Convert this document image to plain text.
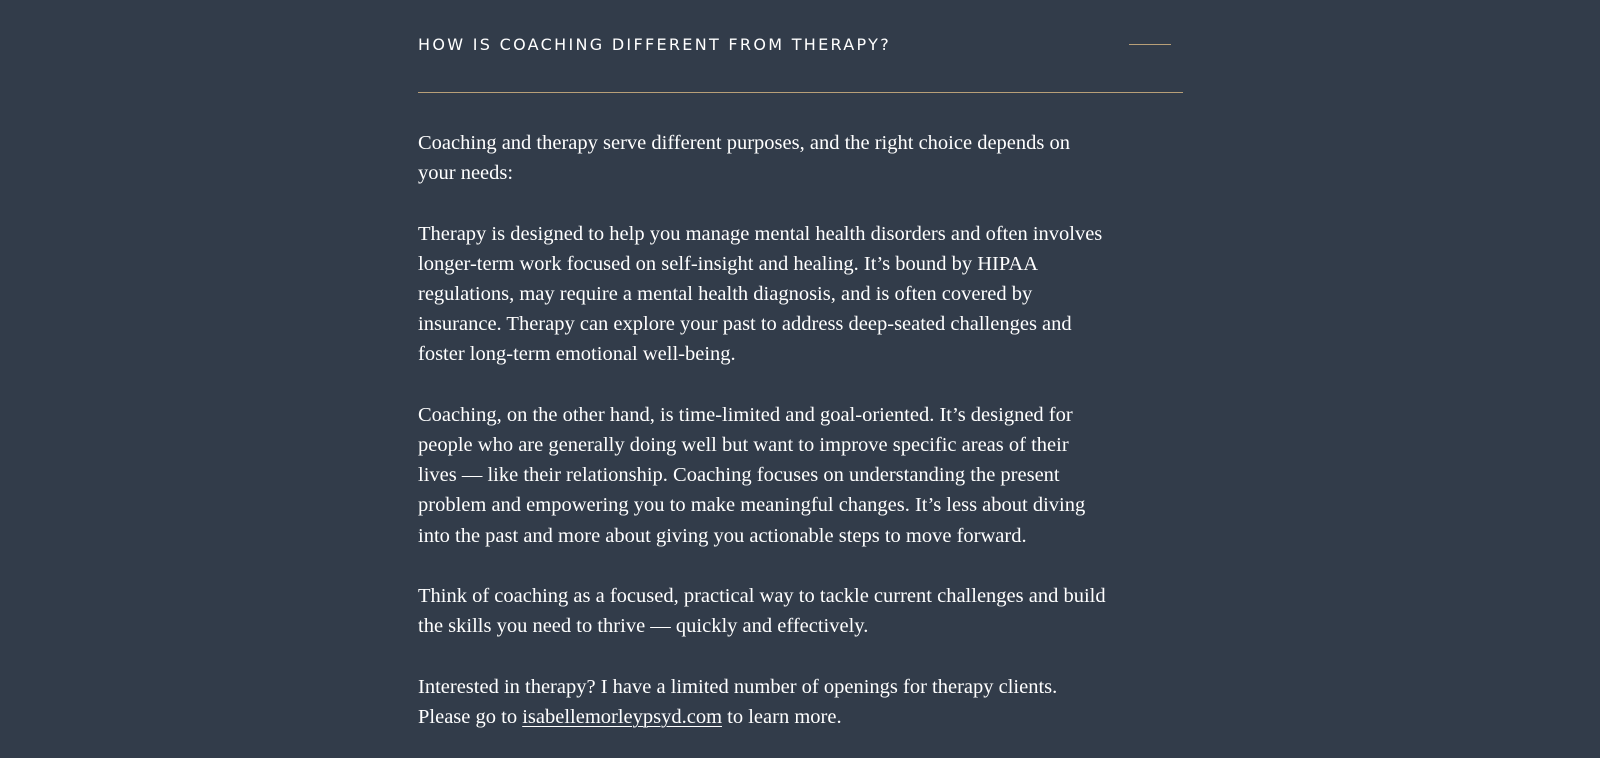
HOW IS COACHING DIFFERENT FROM THERAPY?

Coaching and therapy serve different purposes, and the right choice depends on your needs:

Therapy is designed to help you manage mental health disorders and often involves longer-term work focused on self-insight and healing. It’s bound by HIPAA regulations, may require a mental health diagnosis, and is often covered by insurance. Therapy can explore your past to address deep-seated challenges and foster long-term emotional well-being.

Coaching, on the other hand, is time-limited and goal-oriented. It’s designed for people who are generally doing well but want to improve specific areas of their lives — like their relationship. Coaching focuses on understanding the present problem and empowering you to make meaningful changes. It’s less about diving into the past and more about giving you actionable steps to move forward.

Think of coaching as a focused, practical way to tackle current challenges and build the skills you need to thrive — quickly and effectively.

Interested in therapy? I have a limited number of openings for therapy clients.
Please go to isabellemorleypsyd.com to learn more.
